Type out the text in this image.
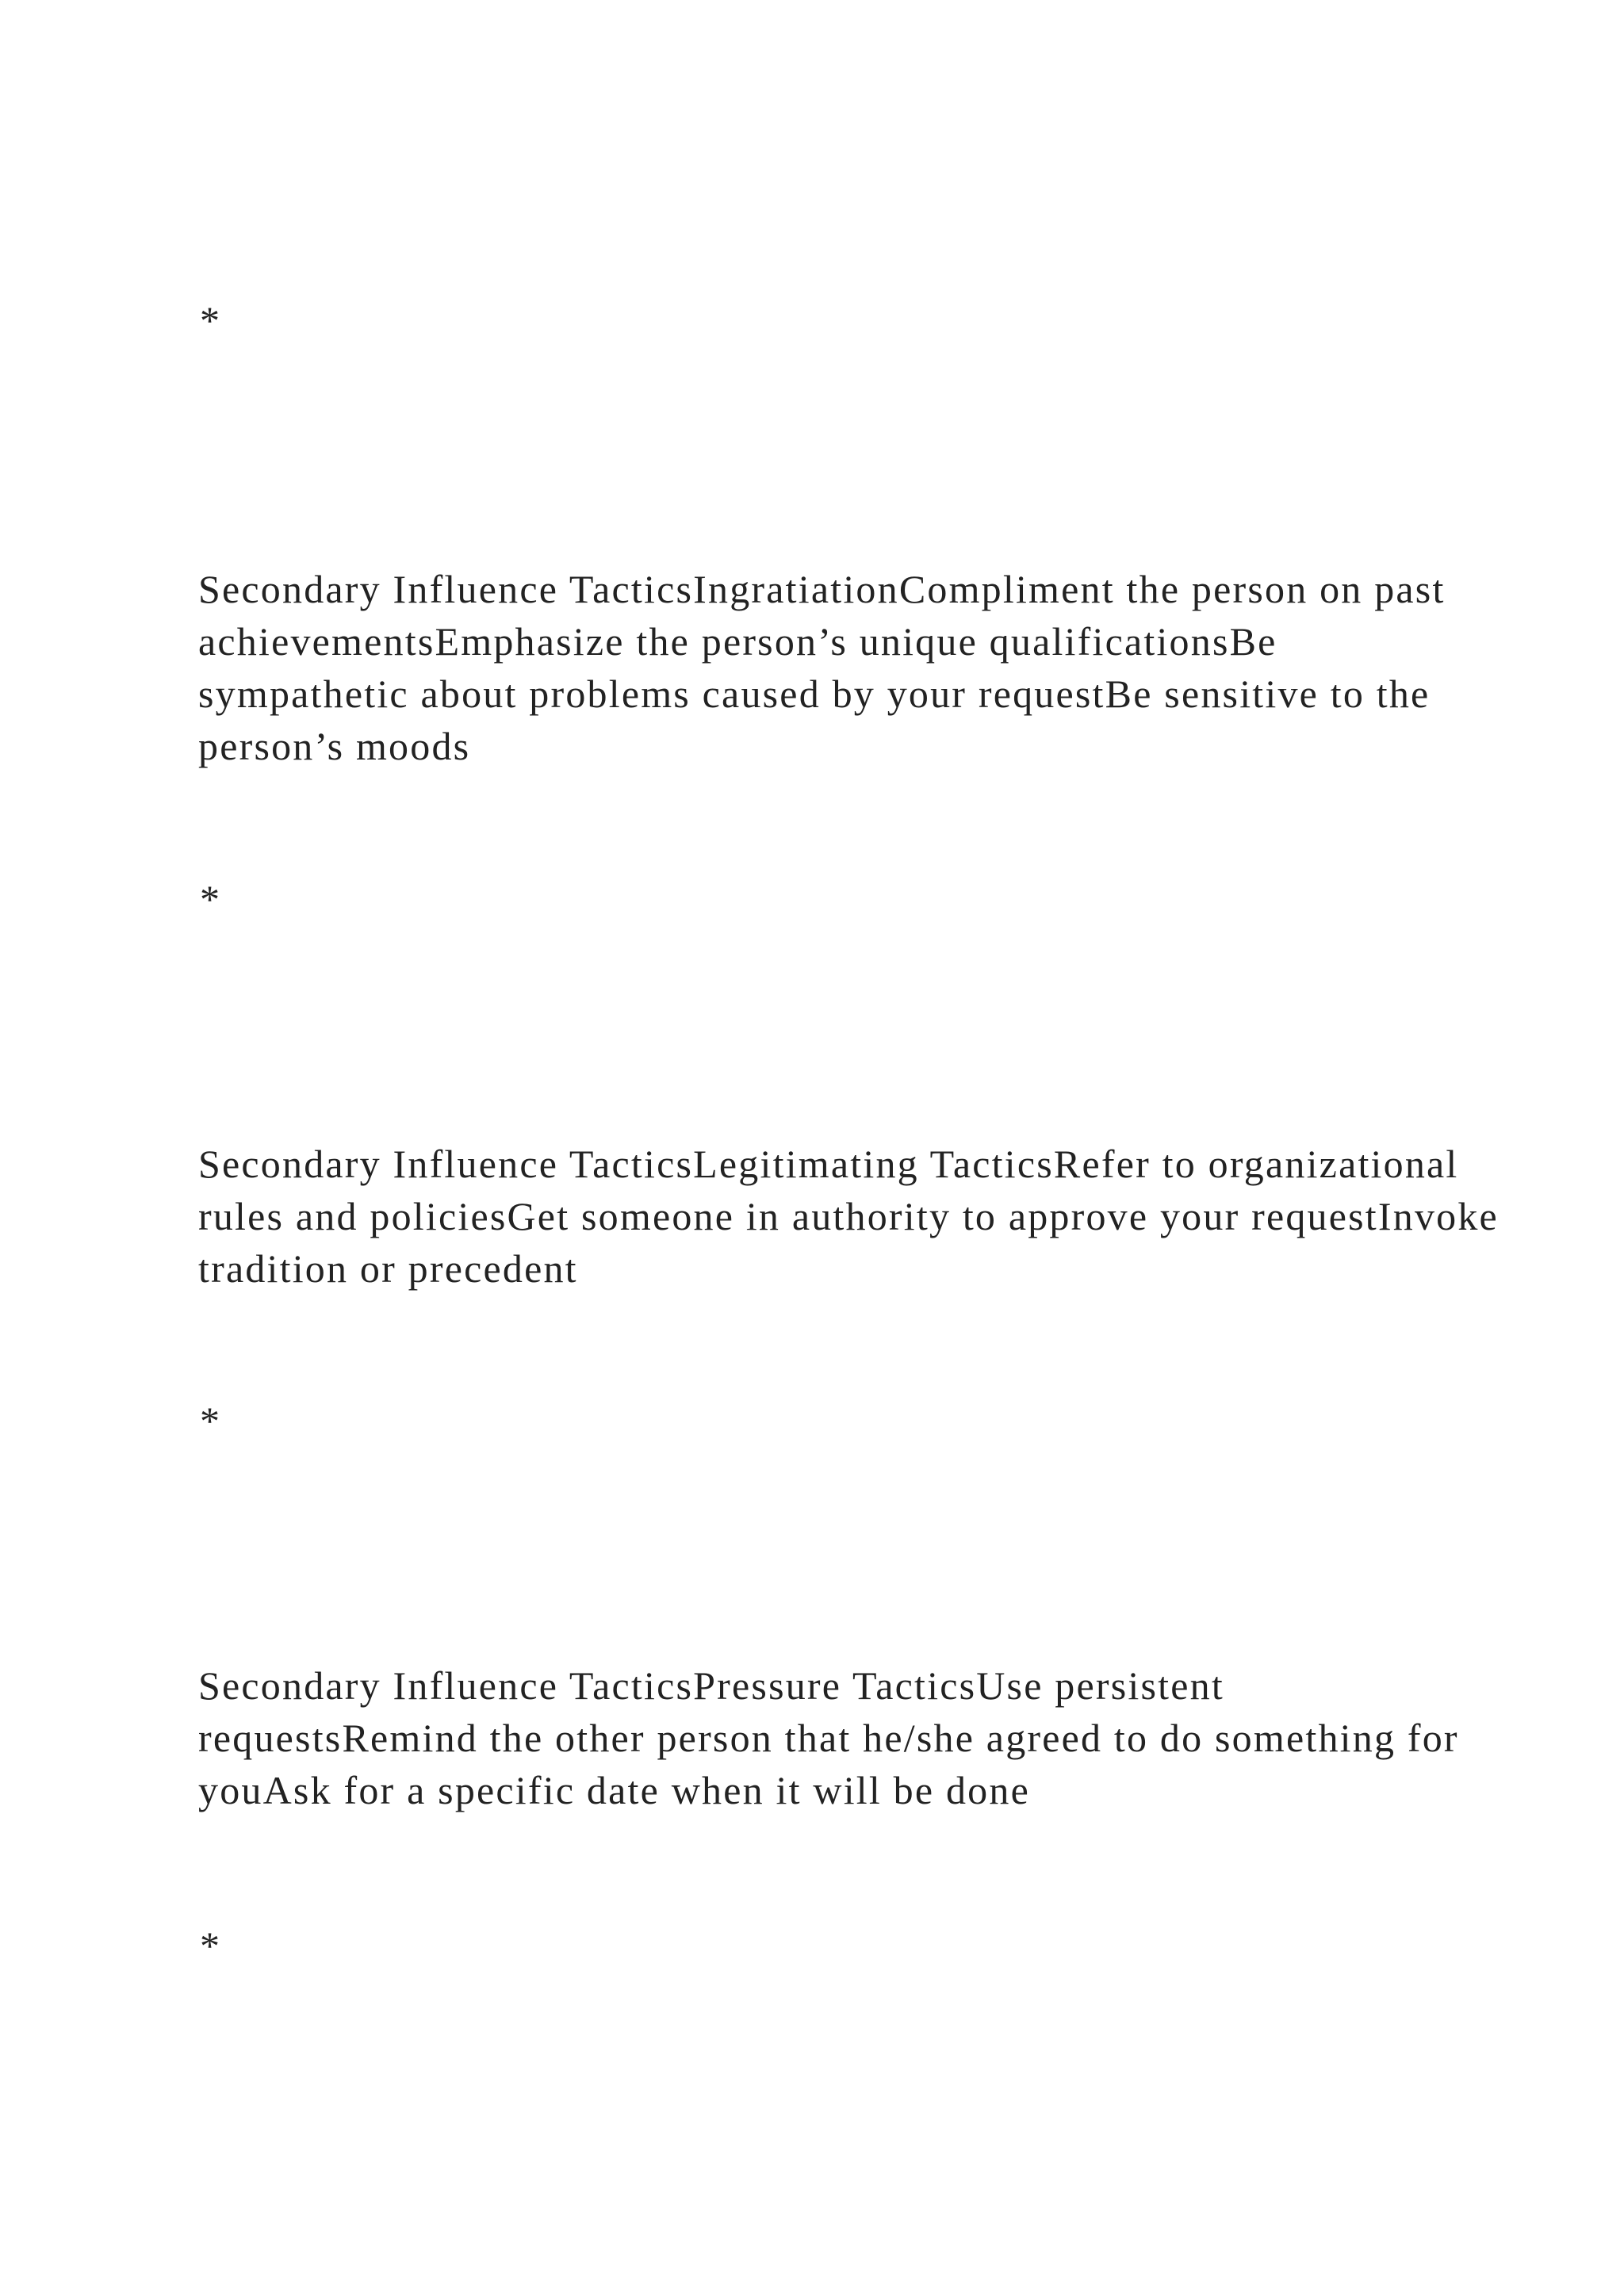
*
Secondary Influence TacticsIngratiationCompliment the person on past achievementsEmphasize the person’s unique qualificationsBe sympathetic about problems caused by your requestBe sensitive to the person’s moods
*
Secondary Influence TacticsLegitimating TacticsRefer to organizational rules and policiesGet someone in authority to approve your requestInvoke tradition or precedent
*
Secondary Influence TacticsPressure TacticsUse persistent requestsRemind the other person that he/she agreed to do something for youAsk for a specific date when it will be done
*
